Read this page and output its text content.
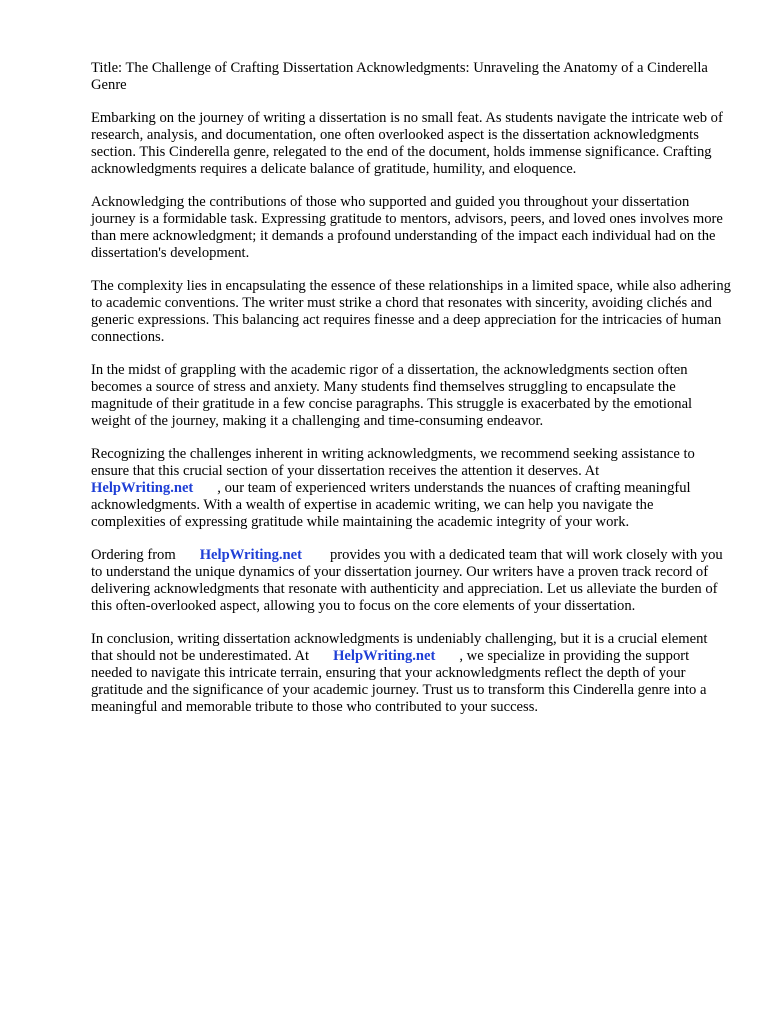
Title: The Challenge of Crafting Dissertation Acknowledgments: Unraveling the Anatomy of a Cinderella Genre

Embarking on the journey of writing a dissertation is no small feat. As students navigate the intricate web of research, analysis, and documentation, one often overlooked aspect is the dissertation acknowledgments section. This Cinderella genre, relegated to the end of the document, holds immense significance. Crafting acknowledgments requires a delicate balance of gratitude, humility, and eloquence.

Acknowledging the contributions of those who supported and guided you throughout your dissertation journey is a formidable task. Expressing gratitude to mentors, advisors, peers, and loved ones involves more than mere acknowledgment; it demands a profound understanding of the impact each individual had on the dissertation's development.

The complexity lies in encapsulating the essence of these relationships in a limited space, while also adhering to academic conventions. The writer must strike a chord that resonates with sincerity, avoiding clichés and generic expressions. This balancing act requires finesse and a deep appreciation for the intricacies of human connections.

In the midst of grappling with the academic rigor of a dissertation, the acknowledgments section often becomes a source of stress and anxiety. Many students find themselves struggling to encapsulate the magnitude of their gratitude in a few concise paragraphs. This struggle is exacerbated by the emotional weight of the journey, making it a challenging and time-consuming endeavor.

Recognizing the challenges inherent in writing acknowledgments, we recommend seeking assistance to ensure that this crucial section of your dissertation receives the attention it deserves. At
HelpWriting.net , our team of experienced writers understands the nuances of crafting meaningful acknowledgments. With a wealth of expertise in academic writing, we can help you navigate the complexities of expressing gratitude while maintaining the academic integrity of your work.

Ordering from HelpWriting.net provides you with a dedicated team that will work closely with you to understand the unique dynamics of your dissertation journey. Our writers have a proven track record of delivering acknowledgments that resonate with authenticity and appreciation. Let us alleviate the burden of this often-overlooked aspect, allowing you to focus on the core elements of your dissertation.

In conclusion, writing dissertation acknowledgments is undeniably challenging, but it is a crucial element that should not be underestimated. At HelpWriting.net , we specialize in providing the support needed to navigate this intricate terrain, ensuring that your acknowledgments reflect the depth of your gratitude and the significance of your academic journey. Trust us to transform this Cinderella genre into a meaningful and memorable tribute to those who contributed to your success.
